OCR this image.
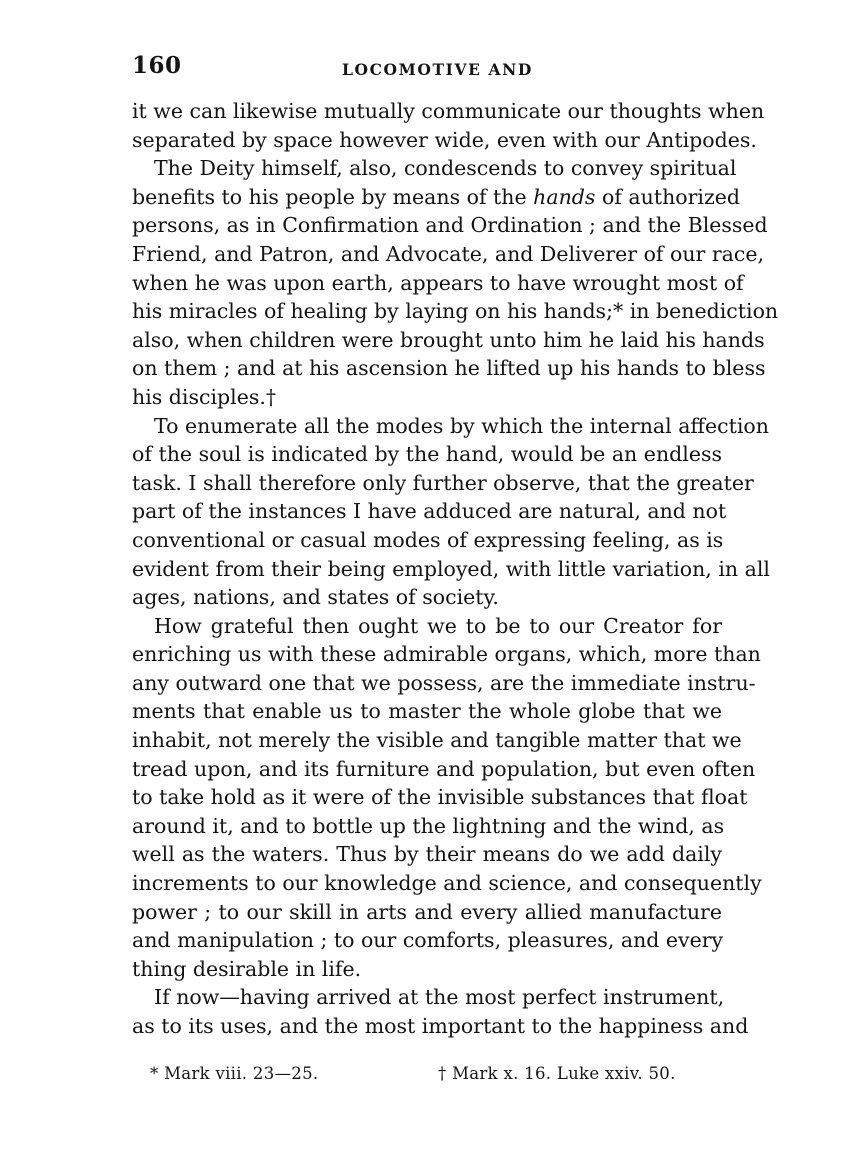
160	LOCOMOTIVE AND
it we can likewise mutually communicate our thoughts when
separated by space however wide, even with our Antipodes.
The Deity himself, also, condescends to convey spiritual
benefits to his people by means of the hands of authorized
persons, as in Confirmation and Ordination ; and the Blessed
Friend, and Patron, and Advocate, and Deliverer of our race,
when he was upon earth, appears to have wrought most of
his miracles of healing by laying on his hands;* in benediction
also, when children were brought unto him he laid his hands
on them ; and at his ascension he lifted up his hands to bless
his disciples.†
To enumerate all the modes by which the internal affection
of the soul is indicated by the hand, would be an endless
task. I shall therefore only further observe, that the greater
part of the instances I have adduced are natural, and not
conventional or casual modes of expressing feeling, as is
evident from their being employed, with little variation, in all
ages, nations, and states of society.
How grateful then ought we to be to our Creator for
enriching us with these admirable organs, which, more than
any outward one that we possess, are the immediate instru-
ments that enable us to master the whole globe that we
inhabit, not merely the visible and tangible matter that we
tread upon, and its furniture and population, but even often
to take hold as it were of the invisible substances that float
around it, and to bottle up the lightning and the wind, as
well as the waters. Thus by their means do we add daily
increments to our knowledge and science, and consequently
power ; to our skill in arts and every allied manufacture
and manipulation ; to our comforts, pleasures, and every
thing desirable in life.
If now—having arrived at the most perfect instrument,
as to its uses, and the most important to the happiness and
* Mark viii. 23—25.	† Mark x. 16. Luke xxiv. 50.
